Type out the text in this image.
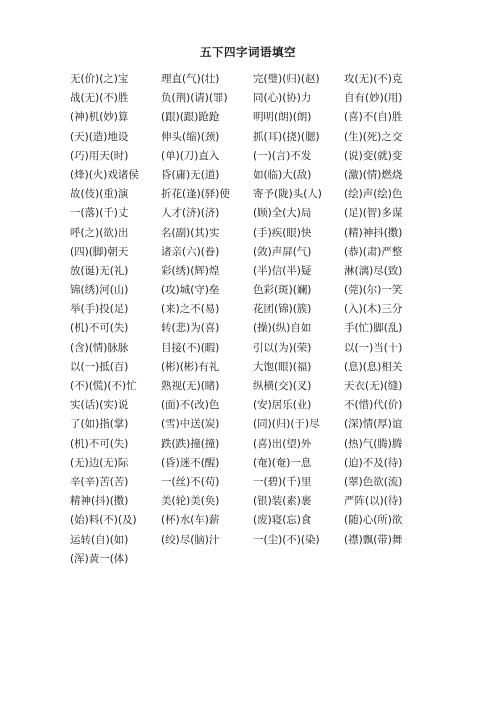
五下四字词语填空
无(价)(之)宝	理直(气)(壮)	完(璧)(归)(赵)	攻(无)(不)克
战(无)(不)胜	负(荆)(请)(罪)	同(心)(协)力	自有(妙)(用)
(神)机(妙)算	(跟)(跟)跄跄	明明(朗)(朗)	(喜)不(自)胜
(天)(造)地设	伸头(缩)(颈)	抓(耳)(挠)(腮)	(生)(死)之交
(巧)用天(时)	(单)(刀)直入	(一)(言)不发	(说)变(就)变
(烽)(火)戏诸侯	昏(庸)无(道)	如(临)大(敌)	(激)(情)燃烧
故(伎)(重)演	折花(逢)(驿)使	寄予(陇)头(人)	(绘)声(绘)色
一(落)(千)丈	人才(济)(济)	(顾)全(大)局	(足)(智)多谋
呼(之)(欲)出	名(副)(其)实	(手)疾(眼)快	(精)神抖(擞)
(四)(脚)朝天	诸亲(六)(眷)	(敛)声屏(气)	(恭)(肃)严整
放(诞)无(礼)	彩(绣)(辉)煌	(半)信(半)疑	淋(漓)尽(致)
锦(绣)河(山)	(攻)城(守)垒	色彩(斑)(斓)	(莞)(尔)一笑
举(手)投(足)	(来)之不(易)	花团(锦)(簇)	(入)(木)三分
(机)不可(失)	转(悲)为(喜)	(操)(纵)自如	手(忙)脚(乱)
(含)(情)脉脉	目接(不)(暇)	引以(为)(荣)	以(一)当(十)
以(一)抵(百)	(彬)(彬)有礼	大饱(眼)(福)	(息)(息)相关
(不)(慌)(不)忙	熟视(无)(睹)	纵横(交)(叉)	天衣(无)(缝)
实(话)(实)说	(面)不(改)色	(安)居乐(业)	不(惜)代(价)
了(如)指(掌)	(雪)中送(炭)	(同)(归)(于)尽	(深)情(厚)谊
(机)不可(失)	跌(跌)撞(撞)	(喜)出(望)外	(热)气(腾)腾
(无)边(无)际	(昏)迷不(醒)	(奄)(奄)一息	(迫)不及(待)
辛(辛)苦(苦)	一(丝)不(苟)	一(碧)(千)里	(翠)色欲(流)
精神(抖)(擞)	美(轮)美(奂)	(银)装(素)裹	严阵(以)(待)
(始)料(不)(及)	(杯)水(车)薪	(废)寝(忘)食	(随)心(所)欲
运转(自)(如)	(绞)尽(脑)汁	一(尘)(不)(染)	(襟)飘(带)舞
(浑)黄一(体)
